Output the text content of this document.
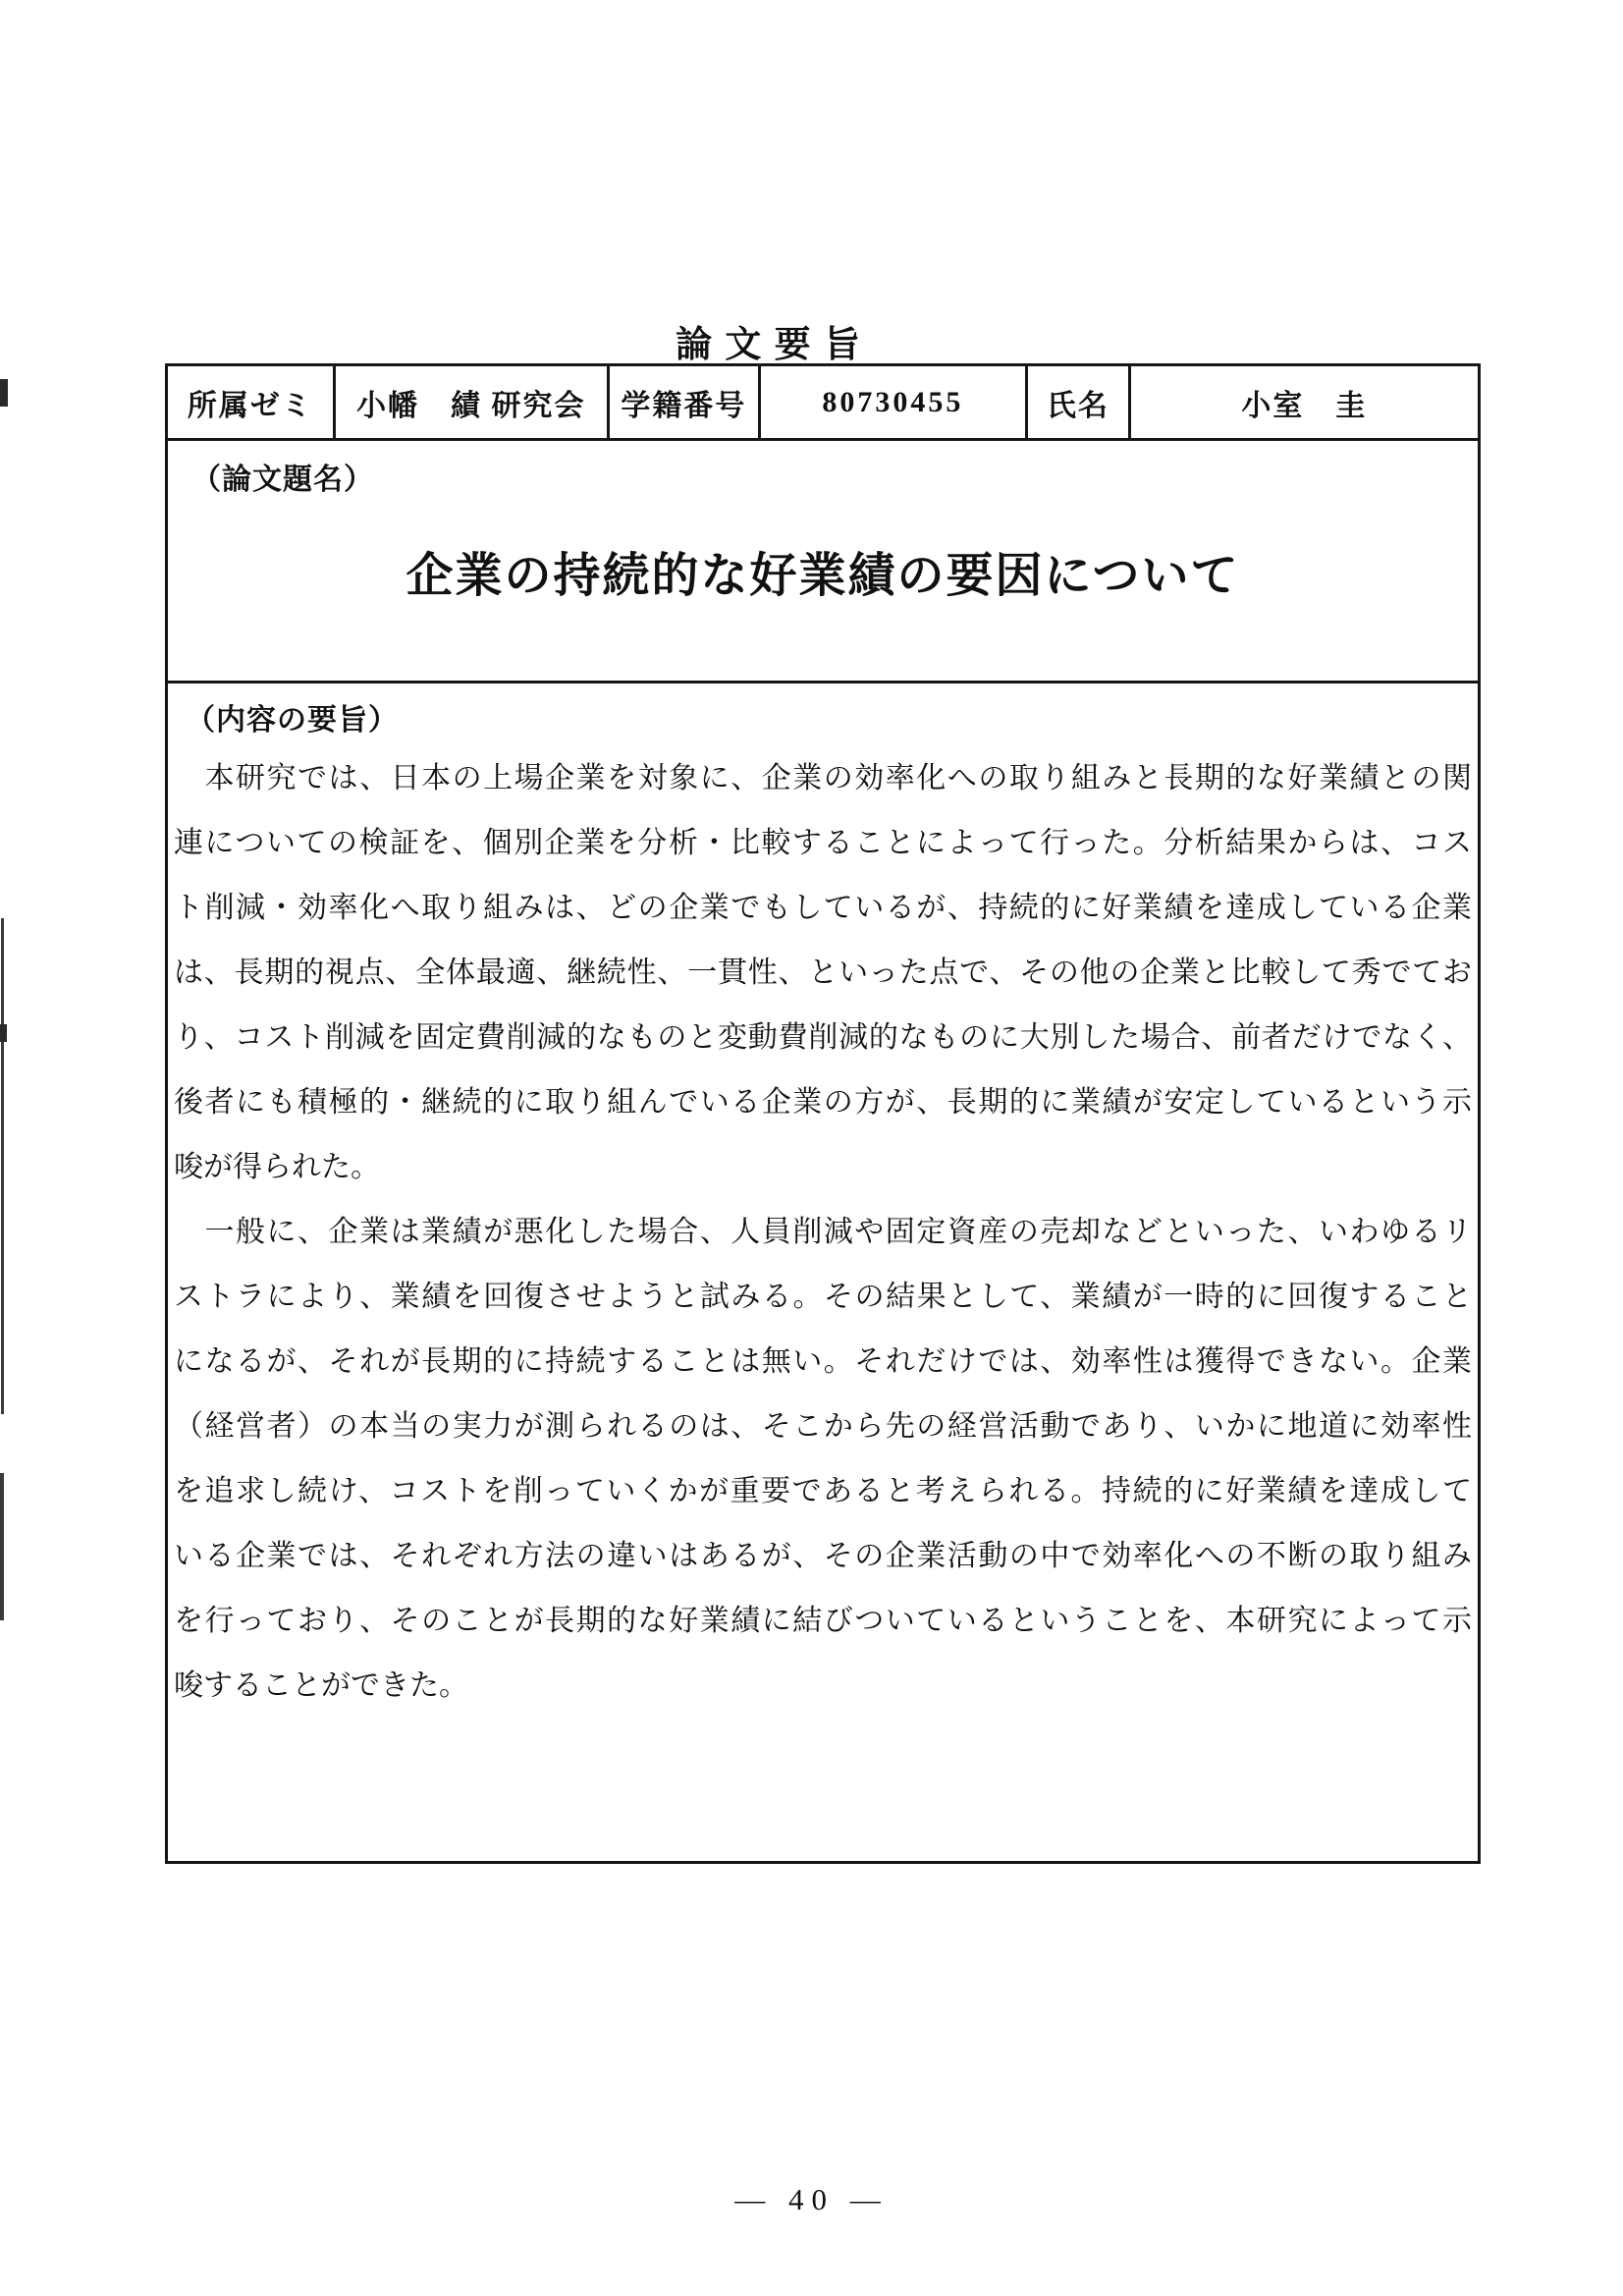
論 文 要 旨
所属ゼミ	小幡　績 研究会	学籍番号	80730455	氏名	小室　圭
（論文題名）
企業の持続的な好業績の要因について
（内容の要旨）
　本研究では、日本の上場企業を対象に、企業の効率化への取り組みと長期的な好業績との関
連についての検証を、個別企業を分析・比較することによって行った。分析結果からは、コス
ト削減・効率化へ取り組みは、どの企業でもしているが、持続的に好業績を達成している企業
は、長期的視点、全体最適、継続性、一貫性、といった点で、その他の企業と比較して秀でてお
り、コスト削減を固定費削減的なものと変動費削減的なものに大別した場合、前者だけでなく、
後者にも積極的・継続的に取り組んでいる企業の方が、長期的に業績が安定しているという示
唆が得られた。
　一般に、企業は業績が悪化した場合、人員削減や固定資産の売却などといった、いわゆるリ
ストラにより、業績を回復させようと試みる。その結果として、業績が一時的に回復すること
になるが、それが長期的に持続することは無い。それだけでは、効率性は獲得できない。企業
（経営者）の本当の実力が測られるのは、そこから先の経営活動であり、いかに地道に効率性
を追求し続け、コストを削っていくかが重要であると考えられる。持続的に好業績を達成して
いる企業では、それぞれ方法の違いはあるが、その企業活動の中で効率化への不断の取り組み
を行っており、そのことが長期的な好業績に結びついているということを、本研究によって示
唆することができた。
— 40 —
